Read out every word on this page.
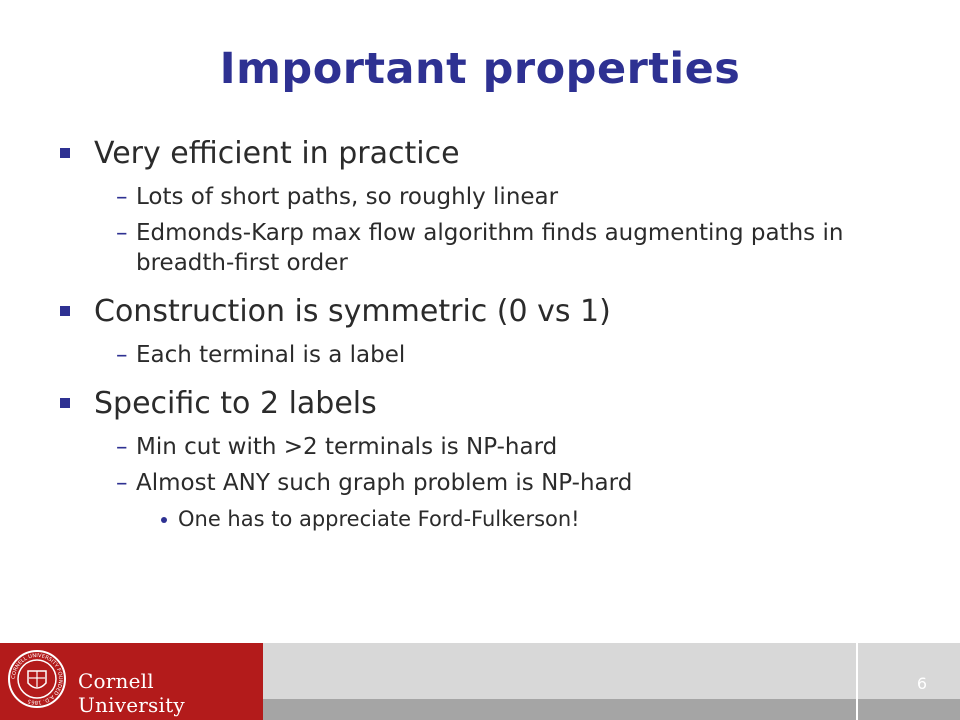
Important properties
Very efficient in practice
– Lots of short paths, so roughly linear
– Edmonds-Karp max flow algorithm finds augmenting paths in breadth-first order
Construction is symmetric (0 vs 1)
– Each terminal is a label
Specific to 2 labels
– Min cut with >2 terminals is NP-hard
– Almost ANY such graph problem is NP-hard
One has to appreciate Ford-Fulkerson!
CORNELL UNIVERSITY FOUNDED A.D. 1865
Cornell University
6
